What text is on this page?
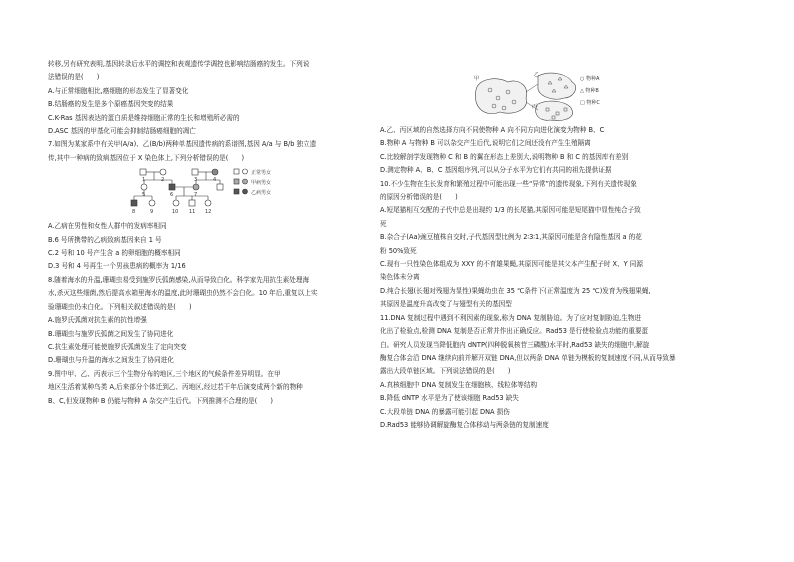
转移,另有研究表明,基因转录后水平的调控和表观遗传学调控也影响结肠癌的发生。下列说
法错误的是(　　)
A.与正常细胞相比,癌细胞的形态发生了显著变化
B.结肠癌的发生是多个原癌基因突变的结果
C.K-Ras 基因表达的蛋白质是维持细胞正常的生长和增殖所必需的
D.ASC 基因的甲基化可能会抑制结肠癌细胞的凋亡
7.如图为某家系中有关甲(A/a)、乙(B/b)两种单基因遗传病的系谱图,基因 A/a 与 B/b 独立遗
传,其中一种病的致病基因位于 X 染色体上,下列分析错误的是(　　)
1	2	3	4
5	6	7
8	9	10 11 12
正常男女
甲病男女
乙病男女
A.乙病在男性和女性人群中的发病率相同
B.6 号所携带的乙病致病基因来自 1 号
C.2 号和 10 号产生含 a 的卵细胞的概率相同
D.3 号和 4 号再生一个男孩患病的概率为 1/16
8.随着海水的升温,珊瑚虫易受到施罗氏弧菌感染,从而导致白化。科学家先用抗生素处理海
水,杀灭这些细菌,然后提高水箱里海水的温度,此时珊瑚虫仍然不会白化。10 年后,重复以上实
验珊瑚虫仍未白化。下列相关叙述错误的是(　　)
A.施罗氏弧菌对抗生素的抗性增强
B.珊瑚虫与施罗氏弧菌之间发生了协同进化
C.抗生素处理可能使施罗氏弧菌发生了定向突变
D.珊瑚虫与升温的海水之间发生了协同进化
9.图中甲、乙、丙表示三个生物分布的地区,三个地区的气候条件差异明显。在甲
地区生活着某种鸟类 A,后来部分个体迁到乙、丙地区,经过若干年后演变成两个新的物种
B、C,但发现物种 B 仍能与物种 A 杂交产生后代。下列推测不合理的是(　　)
甲
乙
丙
○ 物种A
△ 物种B
□ 物种C
A.乙、丙区域的自然选择方向不同使物种 A 向不同方向进化演变为物种 B、C
B.物种 A 与物种 B 可以杂交产生后代,说明它们之间还没有产生生殖隔离
C.比较解剖学发现物种 C 和 B 的翼在形态上差别大,说明物种 B 和 C 的基因库有差别
D.测定物种 A、B、C 基因组序列,可以从分子水平为它们有共同的祖先提供证据
10.不少生物在生长发育和繁殖过程中可能出现一些“异常”的遗传现象,下列有关遗传现象
的原因分析错误的是(　　)
A.短尾猫相互交配的子代中总是出现约 1/3 的长尾猫,其原因可能是短尾猫中显性纯合子致
死
B.杂合子(Aa)豌豆植株自交时,子代基因型比例为 2∶3∶1,其原因可能是含有隐性基因 a 的花
粉 50%致死
C.现有一只性染色体组成为 XXY 的不育雄果蝇,其原因可能是其父本产生配子时 X、Y 同源
染色体未分离
D.纯合长翅(长翅对残翅为显性)果蝇幼虫在 35 ℃条件下(正常温度为 25 ℃)发育为残翅果蝇,
其原因是温度升高改变了与翅型有关的基因型
11.DNA 复制过程中遇到不利因素的现象,称为 DNA 复制胁迫。为了应对复制胁迫,生物进
化出了检验点,检测 DNA 复制是否正常并作出正确反应。Rad53 是行使检验点功能的重要蛋
白。研究人员发现当降低胞内 dNTP(四种脱氧核苷三磷酸)水平时,Rad53 缺失的细胞中,解旋
酶复合体会沿 DNA 继续向前并解开双链 DNA,但以两条 DNA 单链为模板的复制速度不同,从而导致暴
露出大段单链区域。下列说法错误的是(　　)
A.真核细胞中 DNA 复制发生在细胞核、线粒体等结构
B.降低 dNTP 水平是为了使该细胞 Rad53 缺失
C.大段单链 DNA 的暴露可能引起 DNA 损伤
D.Rad53 能够协调解旋酶复合体移动与两条链的复制速度
